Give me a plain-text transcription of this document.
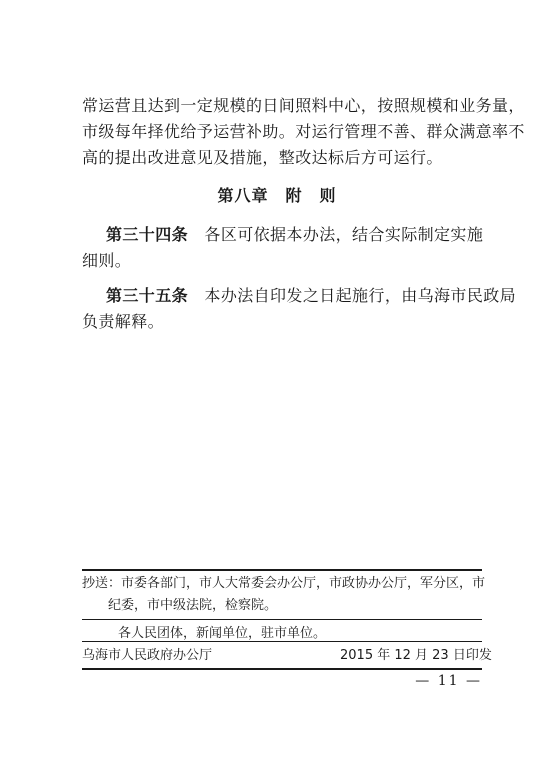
常运营且达到一定规模的日间照料中心，按照规模和业务量，
市级每年择优给予运营补助。对运行管理不善、群众满意率不
高的提出改进意见及措施，整改达标后方可运行。
第八章　附　则
第三十四条　 各区可依据本办法，结合实际制定实施
细则。
第三十五条　 本办法自印发之日起施行，由乌海市民政局
负责解释。
抄送：市委各部门，市人大常委会办公厅，市政协办公厅，军分区，市
纪委，市中级法院，检察院。
各人民团体，新闻单位，驻市单位。
乌海市人民政府办公厅	2015 年 12 月 23 日印发
— 11 —
